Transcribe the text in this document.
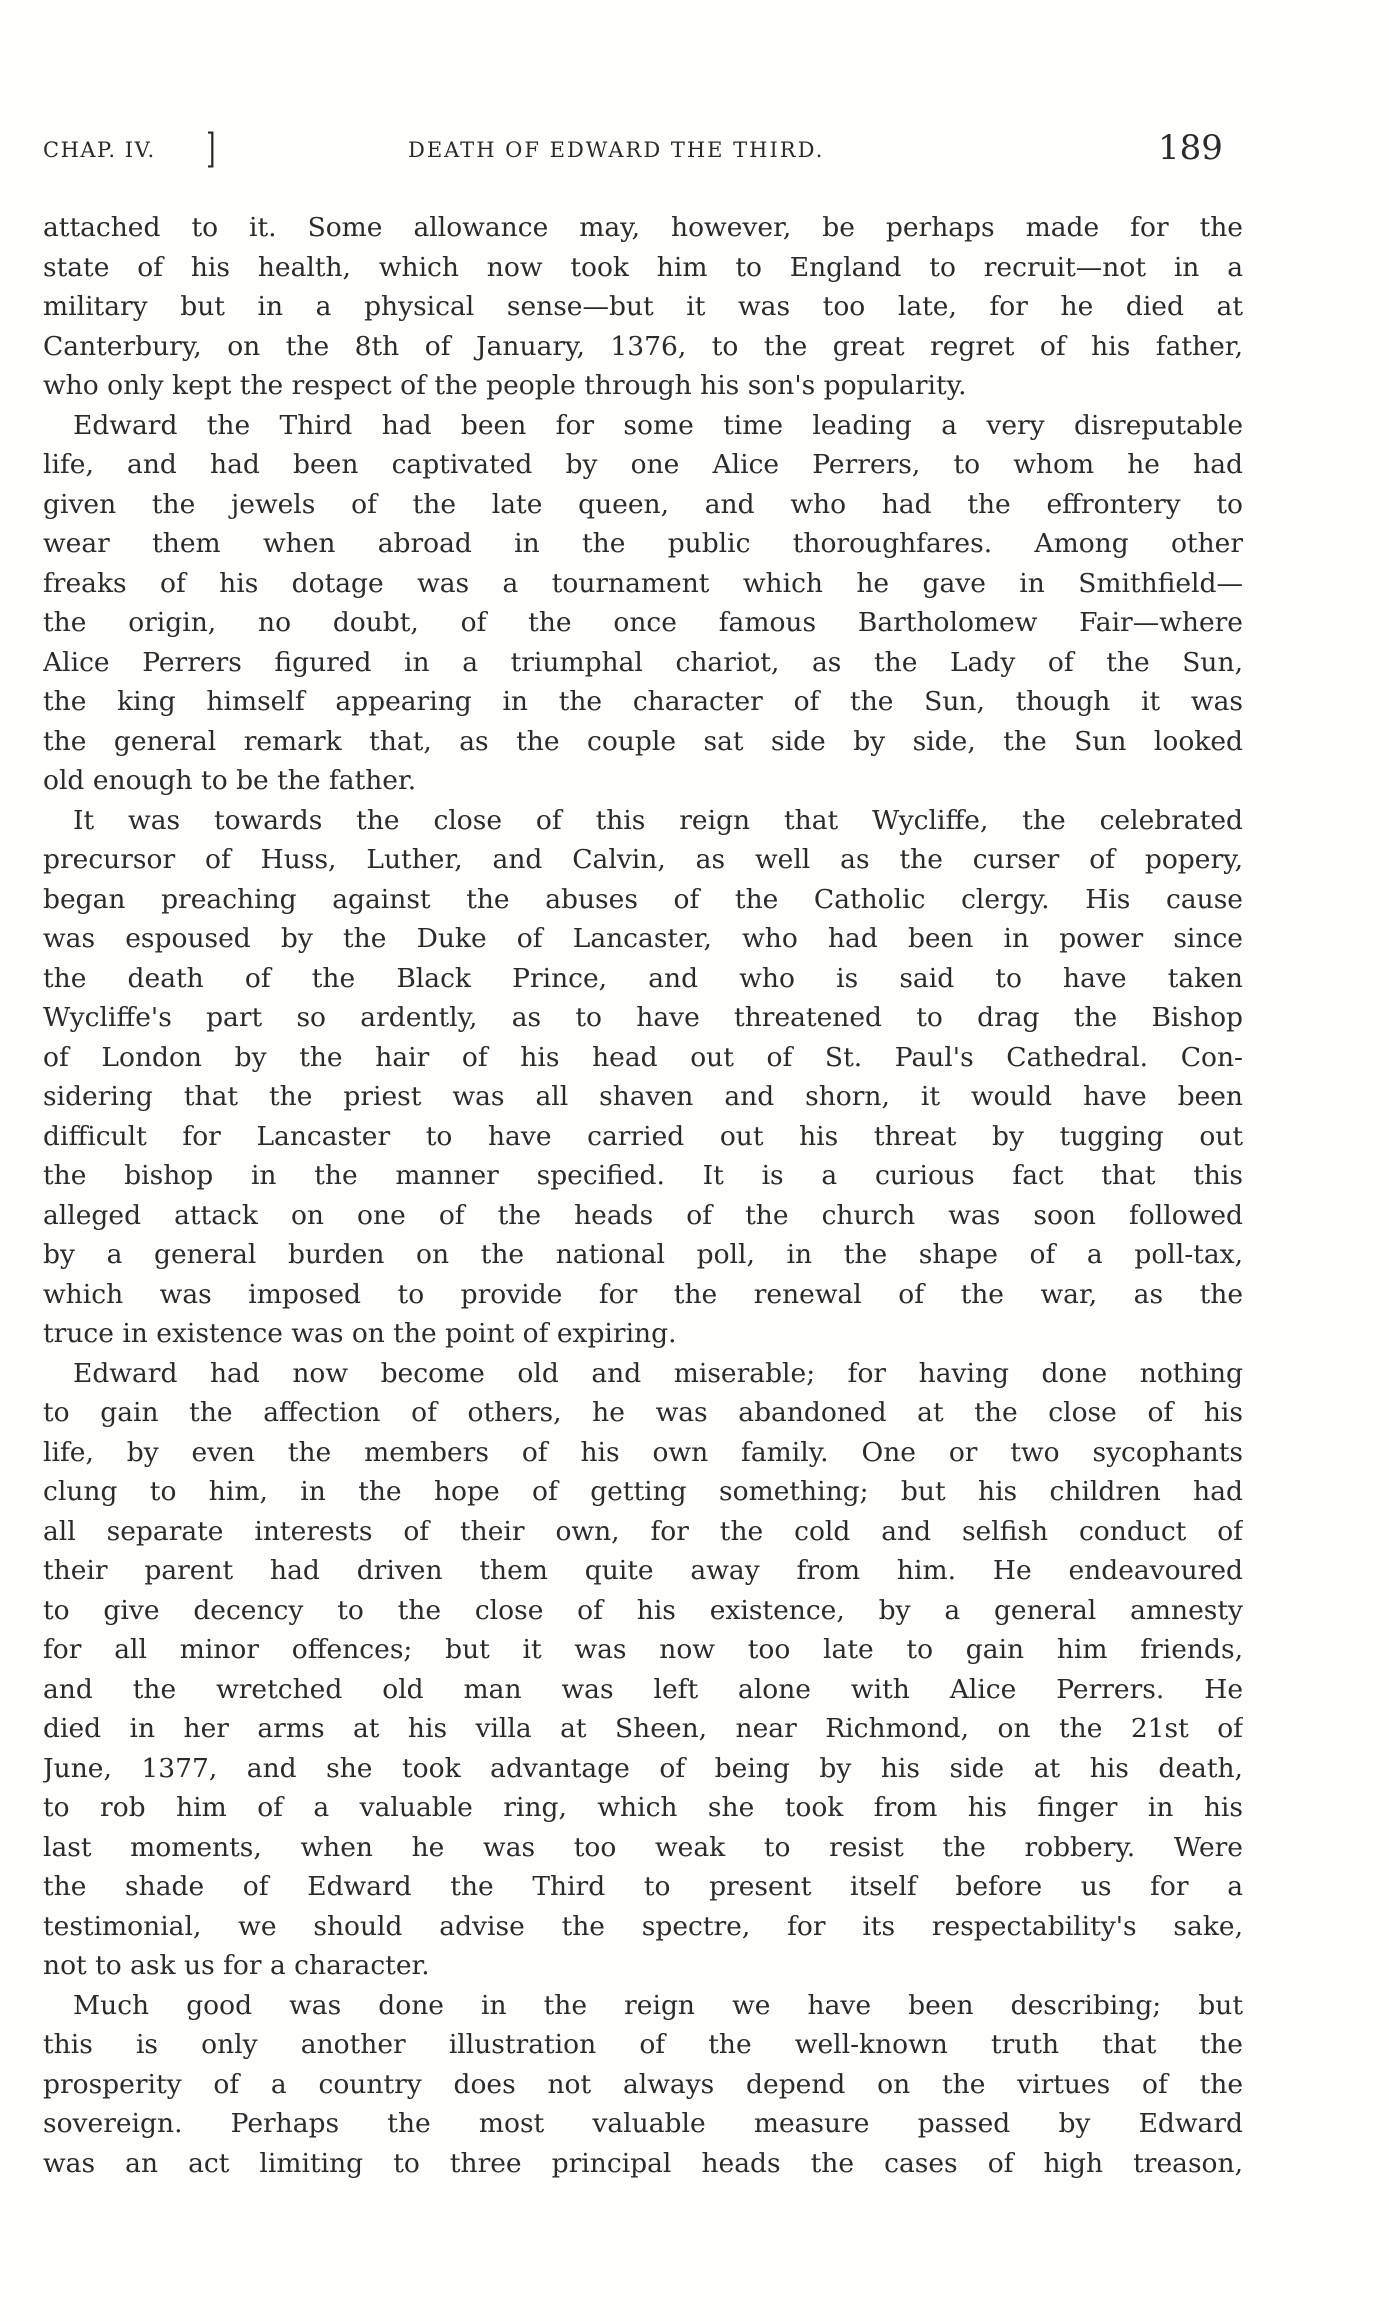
CHAP. IV. ]	DEATH OF EDWARD THE THIRD.	189

attached to it. Some allowance may, however, be perhaps made for the
state of his health, which now took him to England to recruit—not in a
military but in a physical sense—but it was too late, for he died at
Canterbury, on the 8th of January, 1376, to the great regret of his father,
who only kept the respect of the people through his son's popularity.

Edward the Third had been for some time leading a very disreputable
life, and had been captivated by one Alice Perrers, to whom he had
given the jewels of the late queen, and who had the effrontery to
wear them when abroad in the public thoroughfares. Among other
freaks of his dotage was a tournament which he gave in Smithfield—
the origin, no doubt, of the once famous Bartholomew Fair—where
Alice Perrers figured in a triumphal chariot, as the Lady of the Sun,
the king himself appearing in the character of the Sun, though it was
the general remark that, as the couple sat side by side, the Sun looked
old enough to be the father.

It was towards the close of this reign that Wycliffe, the celebrated
precursor of Huss, Luther, and Calvin, as well as the curser of popery,
began preaching against the abuses of the Catholic clergy. His cause
was espoused by the Duke of Lancaster, who had been in power since
the death of the Black Prince, and who is said to have taken
Wycliffe's part so ardently, as to have threatened to drag the Bishop
of London by the hair of his head out of St. Paul's Cathedral. Con-
sidering that the priest was all shaven and shorn, it would have been
difficult for Lancaster to have carried out his threat by tugging out
the bishop in the manner specified. It is a curious fact that this
alleged attack on one of the heads of the church was soon followed
by a general burden on the national poll, in the shape of a poll-tax,
which was imposed to provide for the renewal of the war, as the
truce in existence was on the point of expiring.

Edward had now become old and miserable; for having done nothing
to gain the affection of others, he was abandoned at the close of his
life, by even the members of his own family. One or two sycophants
clung to him, in the hope of getting something; but his children had
all separate interests of their own, for the cold and selfish conduct of
their parent had driven them quite away from him. He endeavoured
to give decency to the close of his existence, by a general amnesty
for all minor offences; but it was now too late to gain him friends,
and the wretched old man was left alone with Alice Perrers. He
died in her arms at his villa at Sheen, near Richmond, on the 21st of
June, 1377, and she took advantage of being by his side at his death,
to rob him of a valuable ring, which she took from his finger in his
last moments, when he was too weak to resist the robbery. Were
the shade of Edward the Third to present itself before us for a
testimonial, we should advise the spectre, for its respectability's sake,
not to ask us for a character.

Much good was done in the reign we have been describing; but
this is only another illustration of the well-known truth that the
prosperity of a country does not always depend on the virtues of the
sovereign. Perhaps the most valuable measure passed by Edward
was an act limiting to three principal heads the cases of high treason,
